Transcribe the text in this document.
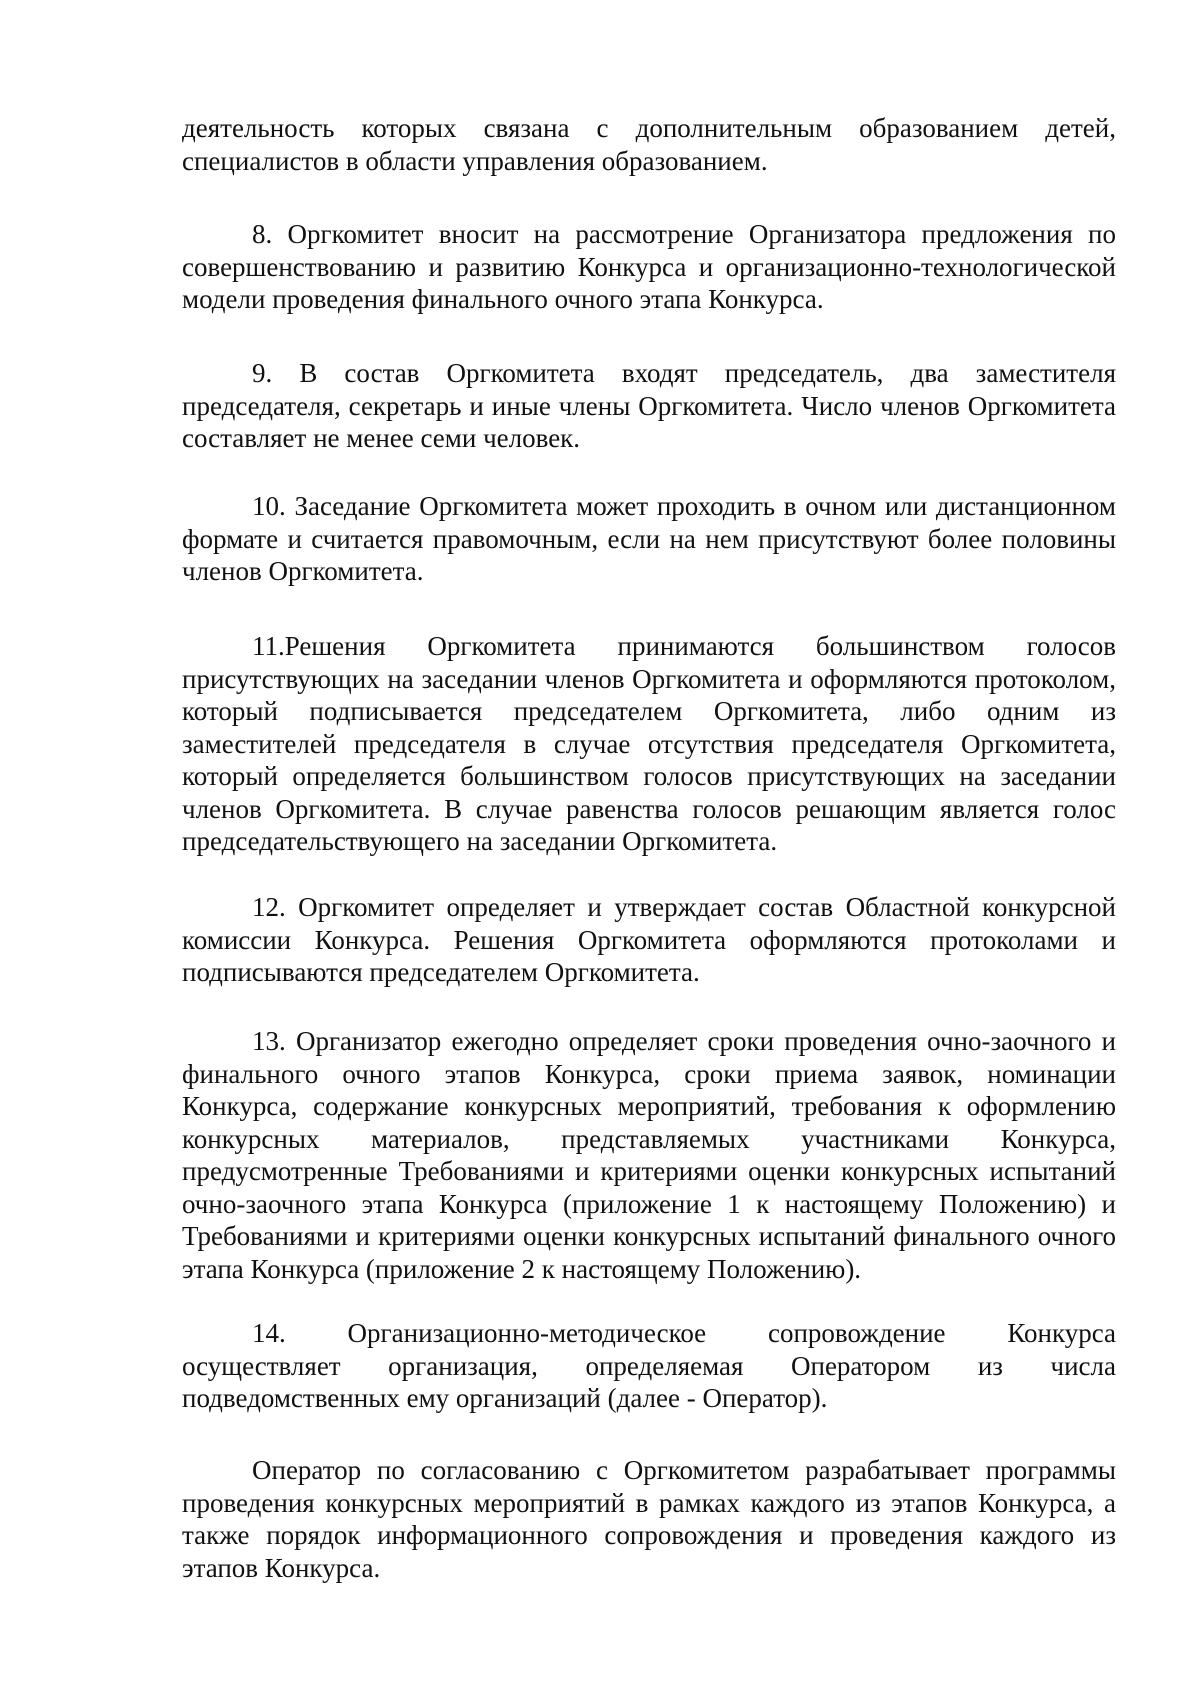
деятельность которых связана с дополнительным образованием детей, специалистов в области управления образованием.

8. Оргкомитет вносит на рассмотрение Организатора предложения по совершенствованию и развитию Конкурса и организационно-технологической модели проведения финального очного этапа Конкурса.

9. В состав Оргкомитета входят председатель, два заместителя председателя, секретарь и иные члены Оргкомитета. Число членов Оргкомитета составляет не менее семи человек.

10. Заседание Оргкомитета может проходить в очном или дистанционном формате и считается правомочным, если на нем присутствуют более половины членов Оргкомитета.

11.Решения Оргкомитета принимаются большинством голосов присутствующих на заседании членов Оргкомитета и оформляются протоколом, который подписывается председателем Оргкомитета, либо одним из заместителей председателя в случае отсутствия председателя Оргкомитета, который определяется большинством голосов присутствующих на заседании членов Оргкомитета. В случае равенства голосов решающим является голос председательствующего на заседании Оргкомитета.

12. Оргкомитет определяет и утверждает состав Областной конкурсной комиссии Конкурса. Решения Оргкомитета оформляются протоколами и подписываются председателем Оргкомитета.

13. Организатор ежегодно определяет сроки проведения очно-заочного и финального очного этапов Конкурса, сроки приема заявок, номинации Конкурса, содержание конкурсных мероприятий, требования к оформлению конкурсных материалов, представляемых участниками Конкурса, предусмотренные Требованиями и критериями оценки конкурсных испытаний очно-заочного этапа Конкурса (приложение 1 к настоящему Положению) и Требованиями и критериями оценки конкурсных испытаний финального очного этапа Конкурса (приложение 2 к настоящему Положению).

14. Организационно-методическое сопровождение Конкурса осуществляет организация, определяемая Оператором из числа подведомственных ему организаций (далее - Оператор).

Оператор по согласованию с Оргкомитетом разрабатывает программы проведения конкурсных мероприятий в рамках каждого из этапов Конкурса, а также порядок информационного сопровождения и проведения каждого из этапов Конкурса.
